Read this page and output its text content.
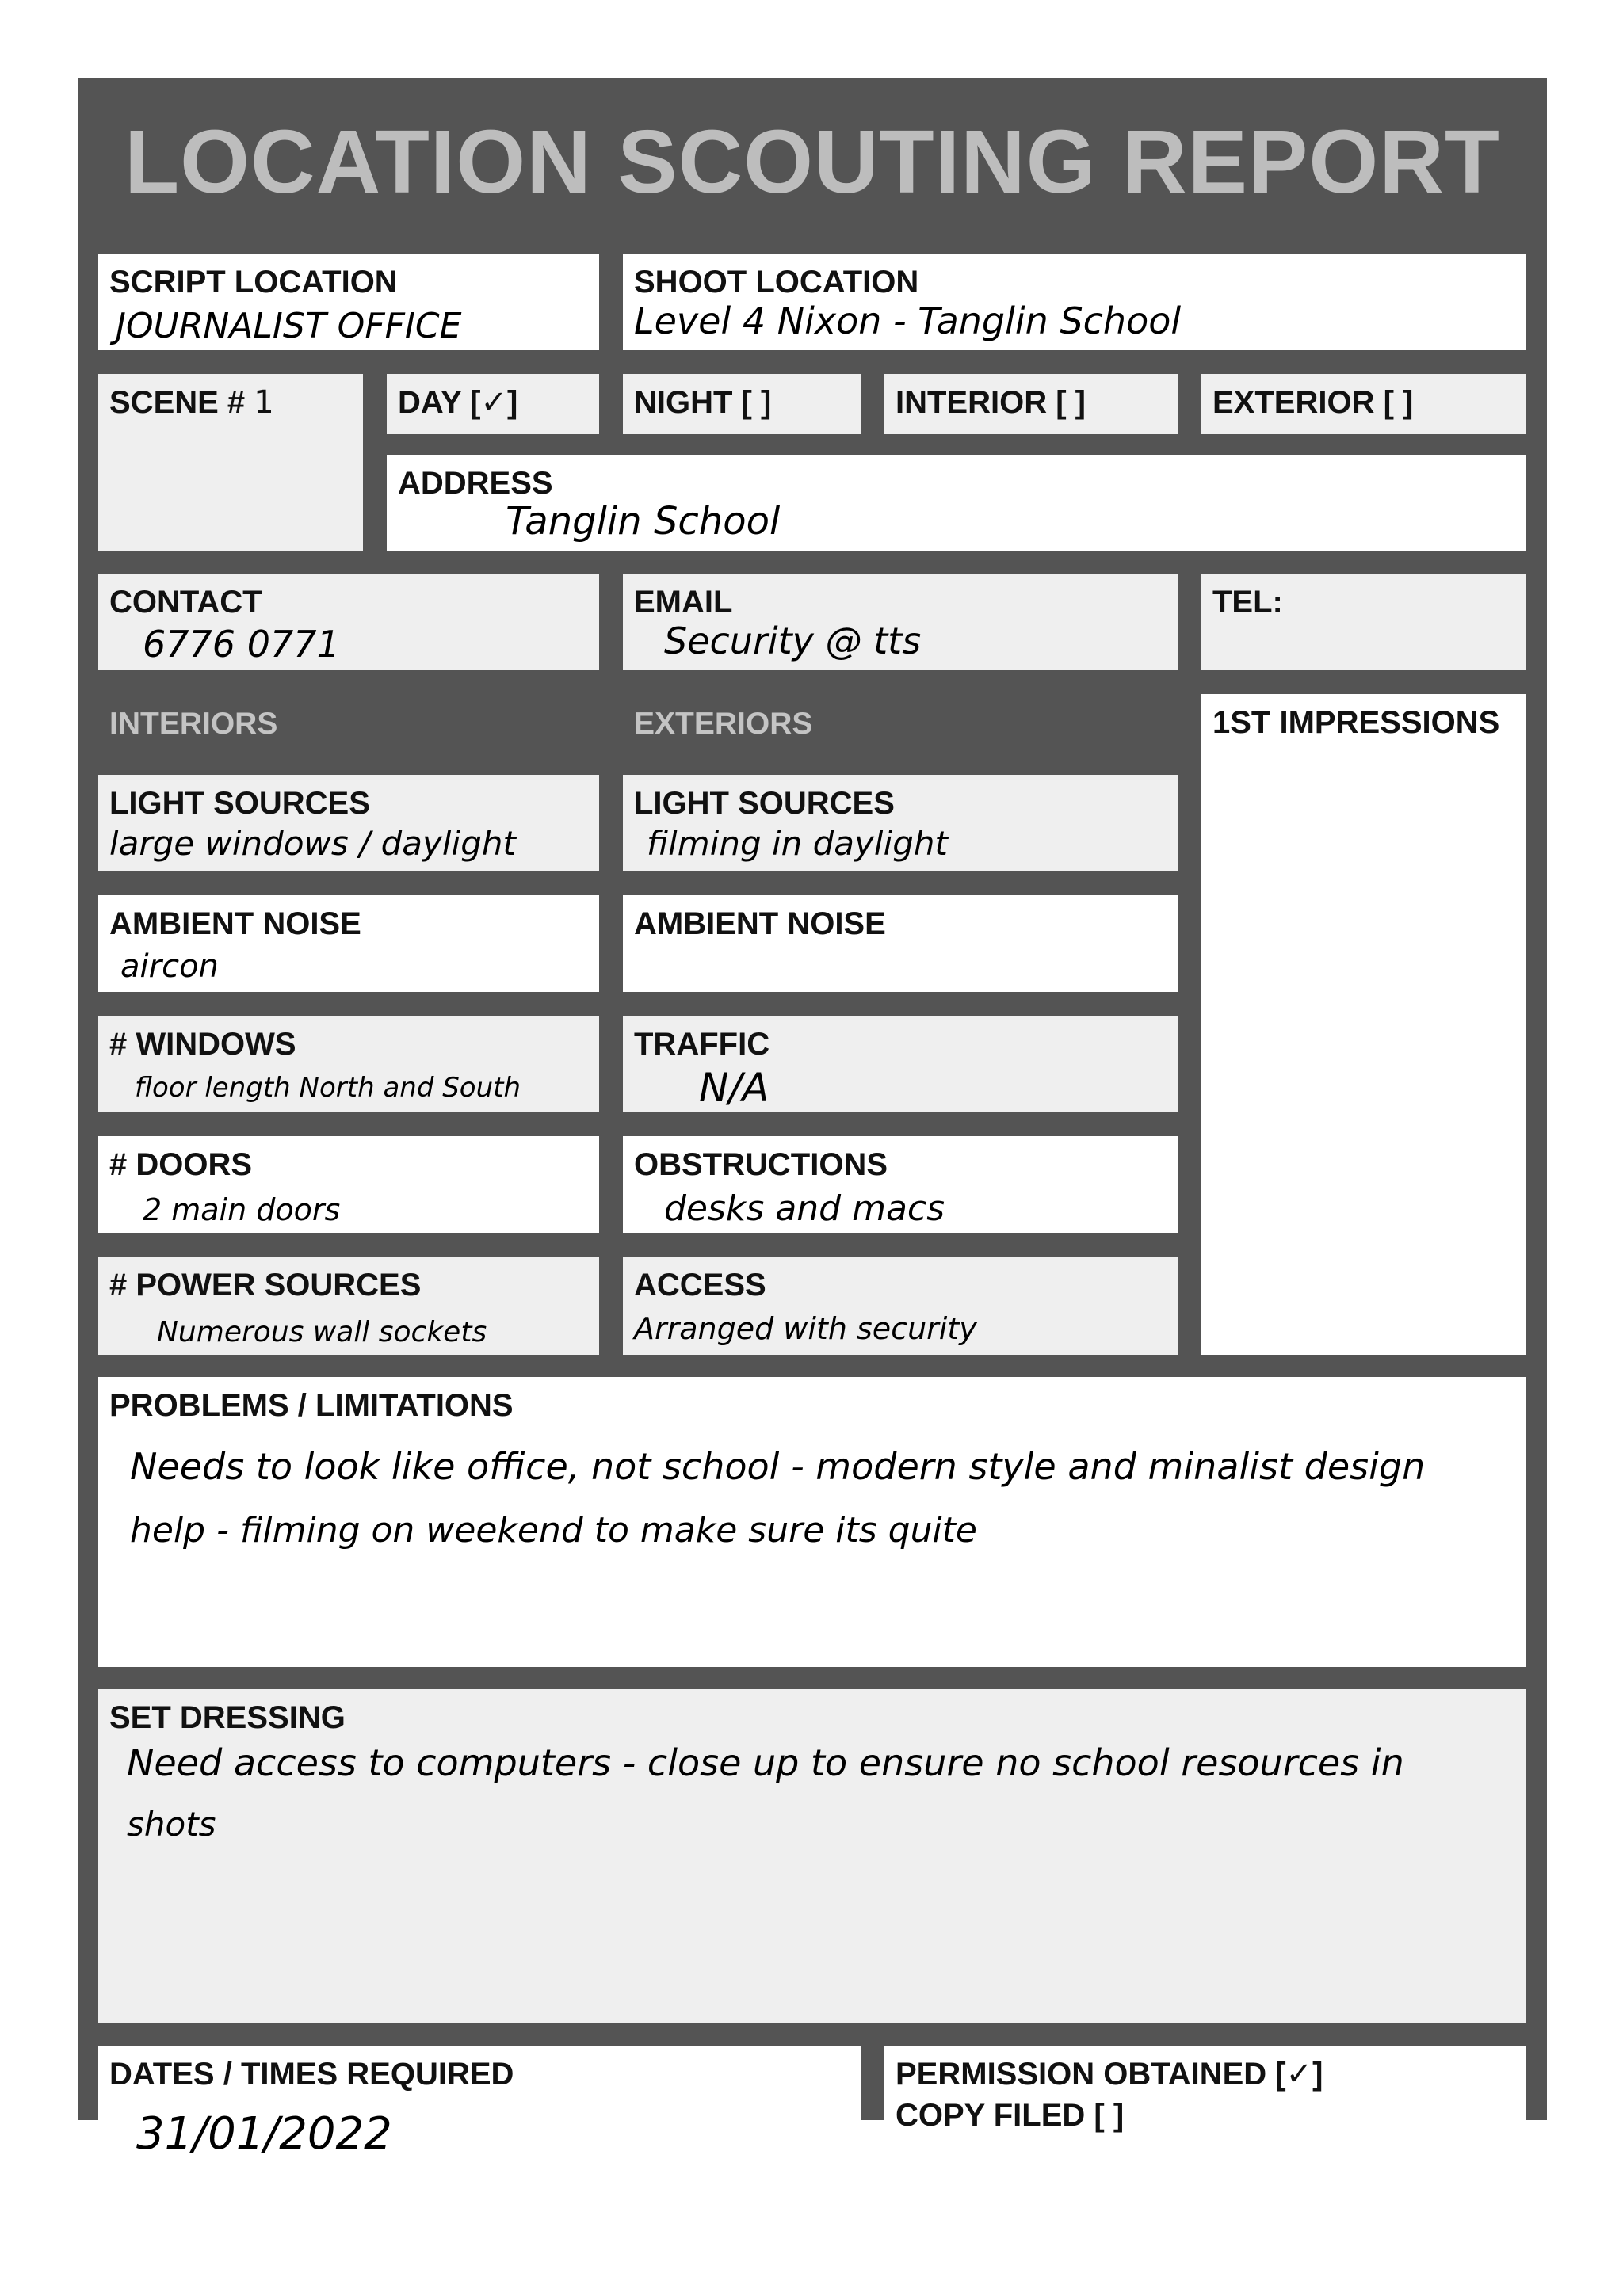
LOCATION SCOUTING REPORT
SCRIPT LOCATION
JOURNALIST OFFICE
SHOOT LOCATION
Level 4 Nixon - Tanglin School
SCENE # 1	DAY [✓]	NIGHT [ ]	INTERIOR [ ]	EXTERIOR [ ]
ADDRESS
Tanglin School
CONTACT
6776 0771
EMAIL
Security @ tts
TEL:
INTERIORS	EXTERIORS	1ST IMPRESSIONS
LIGHT SOURCES
large windows / daylight
AMBIENT NOISE
aircon
# WINDOWS
floor length North and South
# DOORS
2 main doors
# POWER SOURCES
Numerous wall sockets
LIGHT SOURCES
filming in daylight
AMBIENT NOISE
TRAFFIC
N/A
OBSTRUCTIONS
desks and macs
ACCESS
Arranged with security
PROBLEMS / LIMITATIONS
Needs to look like office, not school - modern style and minalist design
help - filming on weekend to make sure its quite
SET DRESSING
Need access to computers - close up to ensure no school resources in
shots
DATES / TIMES REQUIRED
31/01/2022
PERMISSION OBTAINED [✓]
COPY FILED [ ]
